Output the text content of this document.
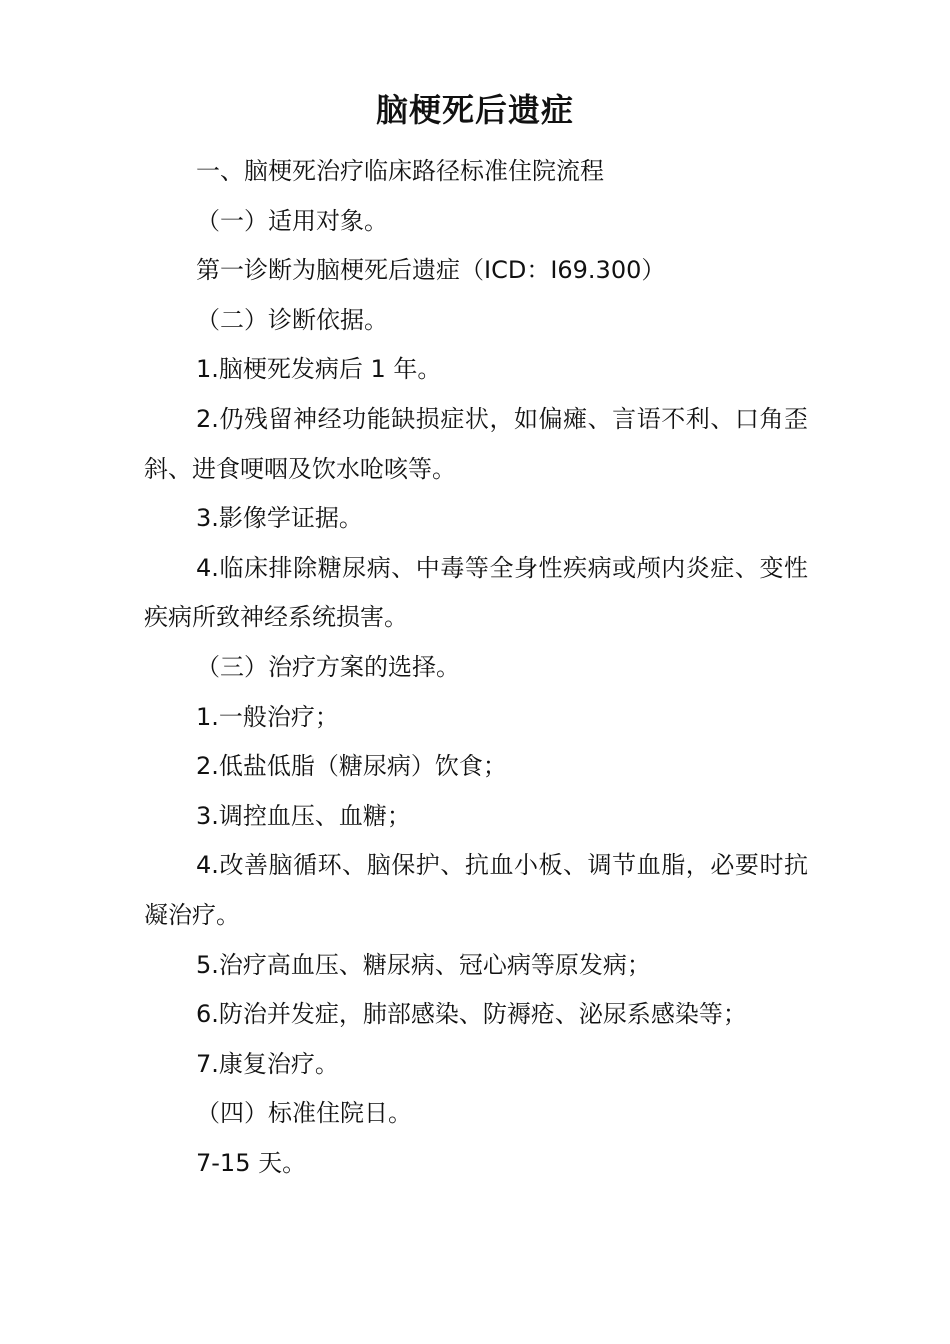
脑梗死后遗症

一、脑梗死治疗临床路径标准住院流程

（一）适用对象。

第一诊断为脑梗死后遗症（ICD：I69.300）

（二）诊断依据。

1.脑梗死发病后 1 年。

2.仍残留神经功能缺损症状，如偏瘫、言语不利、口角歪斜、进食哽咽及饮水呛咳等。

3.影像学证据。

4.临床排除糖尿病、中毒等全身性疾病或颅内炎症、变性疾病所致神经系统损害。

（三）治疗方案的选择。

1.一般治疗；

2.低盐低脂（糖尿病）饮食；

3.调控血压、血糖；

4.改善脑循环、脑保护、抗血小板、调节血脂，必要时抗凝治疗。

5.治疗高血压、糖尿病、冠心病等原发病；

6.防治并发症，肺部感染、防褥疮、泌尿系感染等；

7.康复治疗。

（四）标准住院日。

7-15 天。
